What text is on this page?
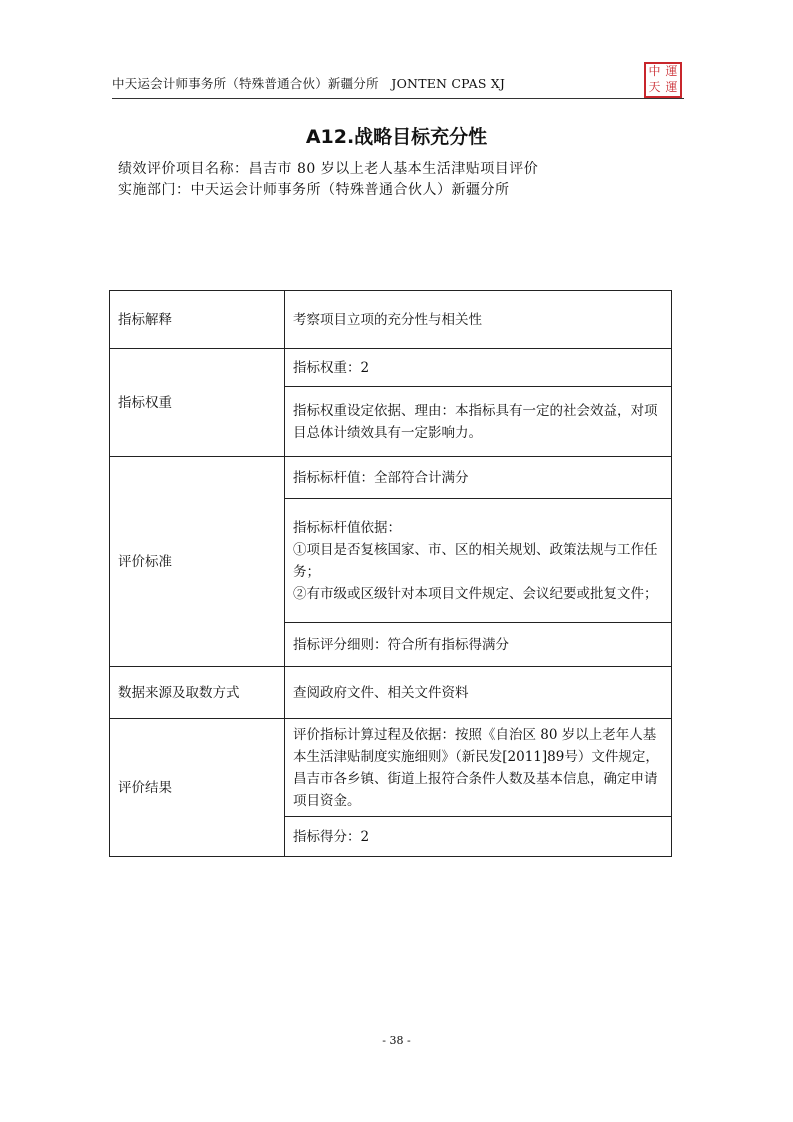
中天运会计师事务所（特殊普通合伙）新疆分所　JONTEN CPAS XJ
中 運
天 運
A12.战略目标充分性
绩效评价项目名称：昌吉市 80 岁以上老人基本生活津贴项目评价
实施部门：中天运会计师事务所（特殊普通合伙人）新疆分所
指标解释	考察项目立项的充分性与相关性
指标权重	指标权重：2
	指标权重设定依据、理由：本指标具有一定的社会效益，对项目总体计绩效具有一定影响力。
评价标准	指标标杆值：全部符合计满分

	指标标杆值依据：
①项目是否复核国家、市、区的相关规划、政策法规与工作任务；
②有市级或区级针对本项目文件规定、会议纪要或批复文件；

	指标评分细则：符合所有指标得满分
数据来源及取数方式	查阅政府文件、相关文件资料
评价结果	评价指标计算过程及依据：按照《自治区 80 岁以上老年人基本生活津贴制度实施细则》（新民发[2011]89号）文件规定，昌吉市各乡镇、街道上报符合条件人数及基本信息，确定申请项目资金。
	指标得分：2
- 38 -
